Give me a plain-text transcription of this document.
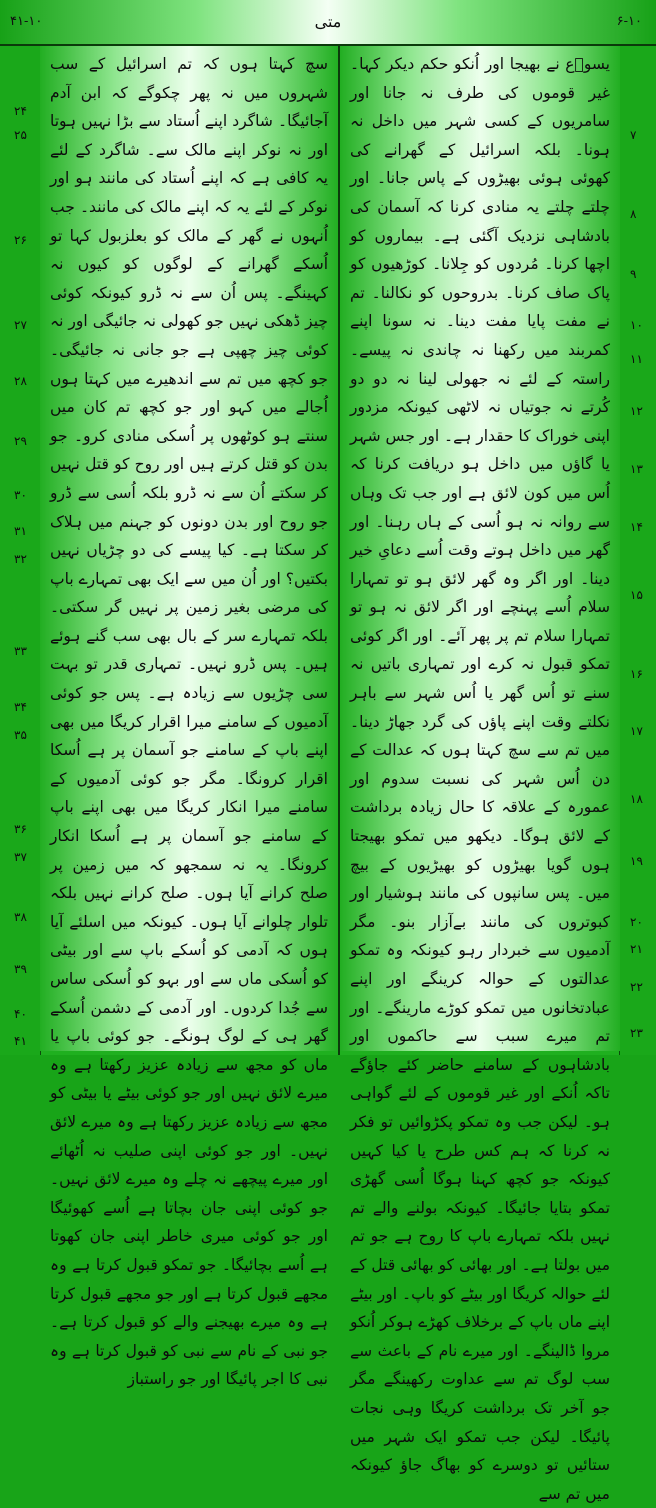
۴۱-۱۰	متی	۶-۱۰
سچ کہتا ہوں کہ تم اسرائیل کے سب شہروں میں نہ پھر چکوگے کہ ابن آدم آجائیگا۔ شاگرد اپنے اُستاد سے بڑا نہیں ہوتا اور نہ نوکر اپنے مالک سے۔ شاگرد کے لئے یہ کافی ہے کہ اپنے اُستاد کی مانند ہو اور نوکر کے لئے یہ کہ اپنے مالک کی مانند۔ جب اُنہوں نے گھر کے مالک کو بعلزبول کہا تو اُسکے گھرانے کے لوگوں کو کیوں نہ کہینگے۔ پس اُن سے نہ ڈرو کیونکہ کوئی چیز ڈھکی نہیں جو کھولی نہ جائیگی اور نہ کوئی چیز چھپی ہے جو جانی نہ جائیگی۔ جو کچھ میں تم سے اندھیرے میں کہتا ہوں اُجالے میں کہو اور جو کچھ تم کان میں سنتے ہو کوٹھوں پر اُسکی منادی کرو۔ جو بدن کو قتل کرتے ہیں اور روح کو قتل نہیں کر سکتے اُن سے نہ ڈرو بلکہ اُسی سے ڈرو جو روح اور بدن دونوں کو جہنم میں ہلاک کر سکتا ہے۔ کیا پیسے کی دو چڑیاں نہیں بکتیں؟ اور اُن میں سے ایک بھی تمہارے باپ کی مرضی بغیر زمین پر نہیں گر سکتی۔ بلکہ تمہارے سر کے بال بھی سب گنے ہوئے ہیں۔ پس ڈرو نہیں۔ تمہاری قدر تو بہت سی چڑیوں سے زیادہ ہے۔ پس جو کوئی آدمیوں کے سامنے میرا اقرار کریگا میں بھی اپنے باپ کے سامنے جو آسمان پر ہے اُسکا اقرار کرونگا۔ مگر جو کوئی آدمیوں کے سامنے میرا انکار کریگا میں بھی اپنے باپ کے سامنے جو آسمان پر ہے اُسکا انکار کرونگا۔ یہ نہ سمجھو کہ میں زمین پر صلح کرانے آیا ہوں۔ صلح کرانے نہیں بلکہ تلوار چلوانے آیا ہوں۔ کیونکہ میں اسلئے آیا ہوں کہ آدمی کو اُسکے باپ سے اور بیٹی کو اُسکی ماں سے اور بہو کو اُسکی ساس سے جُدا کردوں۔ اور آدمی کے دشمن اُسکے گھر ہی کے لوگ ہونگے۔ جو کوئی باپ یا ماں کو مجھ سے زیادہ عزیز رکھتا ہے وہ میرے لائق نہیں اور جو کوئی بیٹے یا بیٹی کو مجھ سے زیادہ عزیز رکھتا ہے وہ میرے لائق نہیں۔ اور جو کوئی اپنی صلیب نہ اُٹھائے اور میرے پیچھے نہ چلے وہ میرے لائق نہیں۔ جو کوئی اپنی جان بچاتا ہے اُسے کھوئیگا اور جو کوئی میری خاطر اپنی جان کھوتا ہے اُسے بچائیگا۔ جو تمکو قبول کرتا ہے وہ مجھے قبول کرتا ہے اور جو مجھے قبول کرتا ہے وہ میرے بھیجنے والے کو قبول کرتا ہے۔ جو نبی کے نام سے نبی کو قبول کرتا ہے وہ نبی کا اجر پائیگا اور جو راستباز
یسوؔع نے بھیجا اور اُنکو حکم دیکر کہا۔ غیر قوموں کی طرف نہ جانا اور سامریوں کے کسی شہر میں داخل نہ ہونا۔ بلکہ اسرائیل کے گھرانے کی کھوئی ہوئی بھیڑوں کے پاس جانا۔ اور چلتے چلتے یہ منادی کرنا کہ آسمان کی بادشاہی نزدیک آگئی ہے۔ بیماروں کو اچھا کرنا۔ مُردوں کو جِلانا۔ کوڑھیوں کو پاک صاف کرنا۔ بدروحوں کو نکالنا۔ تم نے مفت پایا مفت دینا۔ نہ سونا اپنے کمربند میں رکھنا نہ چاندی نہ پیسے۔ راستہ کے لئے نہ جھولی لینا نہ دو دو کُرتے نہ جوتیاں نہ لاٹھی کیونکہ مزدور اپنی خوراک کا حقدار ہے۔ اور جس شہر یا گاؤں میں داخل ہو دریافت کرنا کہ اُس میں کون لائق ہے اور جب تک وہاں سے روانہ نہ ہو اُسی کے ہاں رہنا۔ اور گھر میں داخل ہوتے وقت اُسے دعایِ خیر دینا۔ اور اگر وہ گھر لائق ہو تو تمہارا سلام اُسے پہنچے اور اگر لائق نہ ہو تو تمہارا سلام تم پر پھر آئے۔ اور اگر کوئی تمکو قبول نہ کرے اور تمہاری باتیں نہ سنے تو اُس گھر یا اُس شہر سے باہر نکلتے وقت اپنے پاؤں کی گرد جھاڑ دینا۔ میں تم سے سچ کہتا ہوں کہ عدالت کے دن اُس شہر کی نسبت سدوم اور عمورہ کے علاقہ کا حال زیادہ برداشت کے لائق ہوگا۔ دیکھو میں تمکو بھیجتا ہوں گویا بھیڑوں کو بھیڑیوں کے بیچ میں۔ پس سانپوں کی مانند ہوشیار اور کبوتروں کی مانند بےآزار بنو۔ مگر آدمیوں سے خبردار رہو کیونکہ وہ تمکو عدالتوں کے حوالہ کرینگے اور اپنے عبادتخانوں میں تمکو کوڑے مارینگے۔ اور تم میرے سبب سے حاکموں اور بادشاہوں کے سامنے حاضر کئے جاؤگے تاکہ اُنکے اور غیر قوموں کے لئے گواہی ہو۔ لیکن جب وہ تمکو پکڑوائیں تو فکر نہ کرنا کہ ہم کس طرح یا کیا کہیں کیونکہ جو کچھ کہنا ہوگا اُسی گھڑی تمکو بتایا جائیگا۔ کیونکہ بولنے والے تم نہیں بلکہ تمہارے باپ کا روح ہے جو تم میں بولتا ہے۔ اور بھائی کو بھائی قتل کے لئے حوالہ کریگا اور بیٹے کو باپ۔ اور بیٹے اپنے ماں باپ کے برخلاف کھڑے ہوکر اُنکو مروا ڈالینگے۔ اور میرے نام کے باعث سے سب لوگ تم سے عداوت رکھینگے مگر جو آخر تک برداشت کریگا وہی نجات پائیگا۔ لیکن جب تمکو ایک شہر میں ستائیں تو دوسرے کو بھاگ جاؤ کیونکہ میں تم سے
۷
۸
۹
۱۰
۱۱
۱۲
۱۳
۱۴
۱۵
۱۶
۱۷
۱۸
۱۹
۲۰
۲۱
۲۲
۲۳
۲۴
۲۵
۲۶
۲۷
۲۸
۲۹
۳۰
۳۱
۳۲
۳۳
۳۴
۳۵
۳۶
۳۷
۳۸
۳۹
۴۰
۴۱
